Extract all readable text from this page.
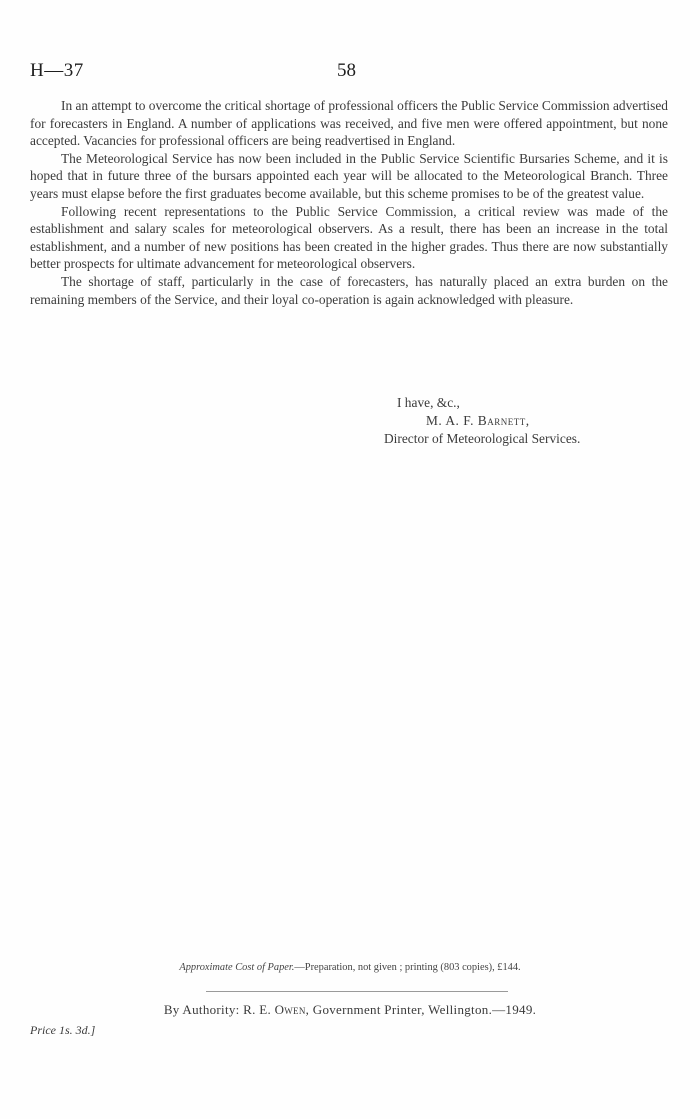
H—37	58

In an attempt to overcome the critical shortage of professional officers the Public Service Commission advertised for forecasters in England. A number of applications was received, and five men were offered appointment, but none accepted. Vacancies for professional officers are being readvertised in England.

The Meteorological Service has now been included in the Public Service Scientific Bursaries Scheme, and it is hoped that in future three of the bursars appointed each year will be allocated to the Meteorological Branch. Three years must elapse before the first graduates become available, but this scheme promises to be of the greatest value.

Following recent representations to the Public Service Commission, a critical review was made of the establishment and salary scales for meteorological observers. As a result, there has been an increase in the total establishment, and a number of new positions has been created in the higher grades. Thus there are now substantially better prospects for ultimate advancement for meteorological observers.

The shortage of staff, particularly in the case of forecasters, has naturally placed an extra burden on the remaining members of the Service, and their loyal co-operation is again acknowledged with pleasure.

I have, &c.,
M. A. F. Barnett,
Director of Meteorological Services.
Approximate Cost of Paper.—Preparation, not given ; printing (803 copies), £144.
By Authority: R. E. Owen, Government Printer, Wellington.—1949.
Price 1s. 3d.]
